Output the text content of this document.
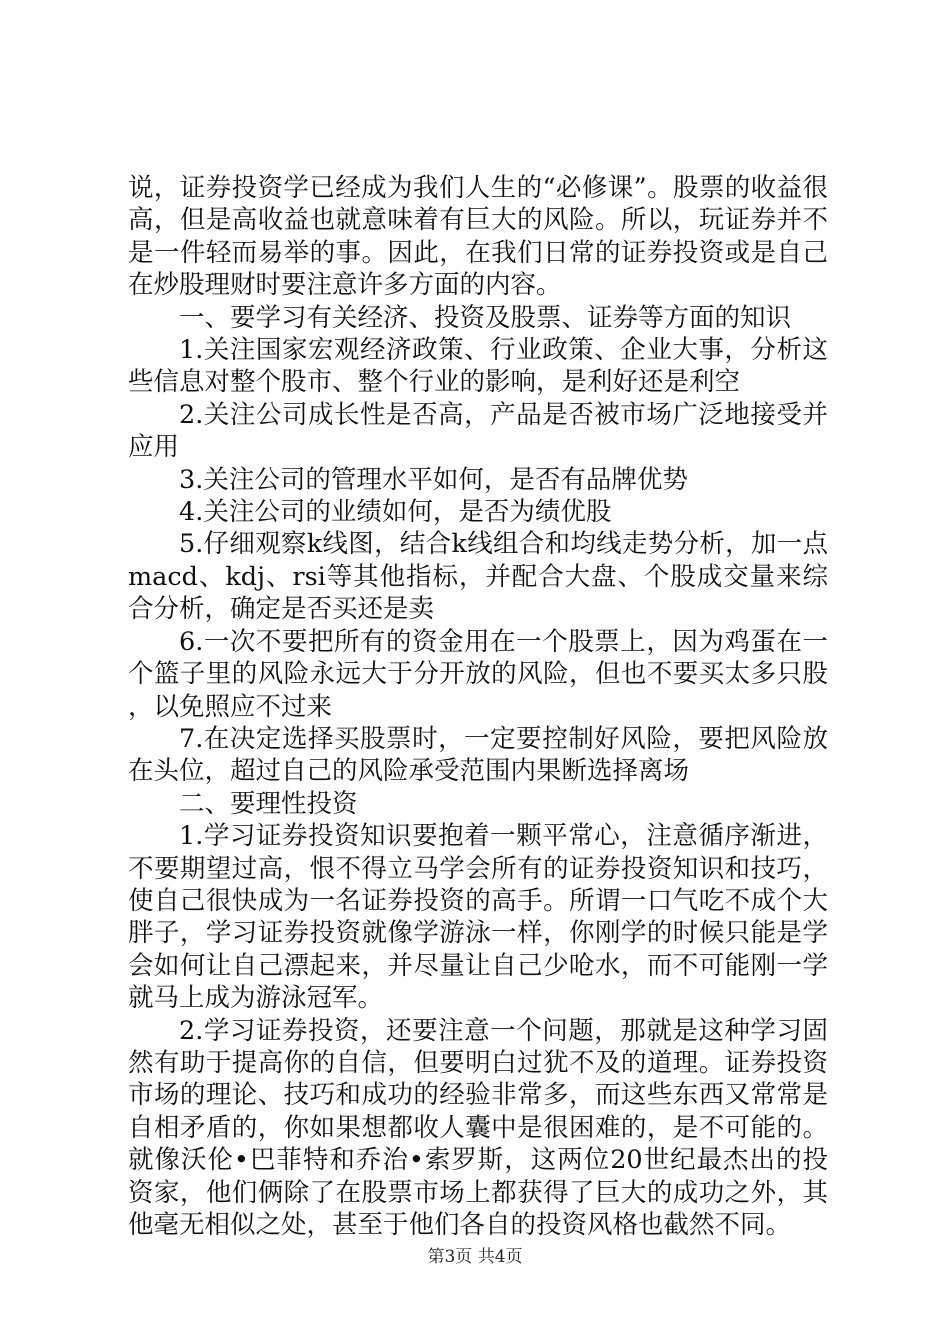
说，证券投资学已经成为我们人生的“必修课”。股票的收益很高，但是高收益也就意味着有巨大的风险。所以，玩证券并不是一件轻而易举的事。因此，在我们日常的证券投资或是自己在炒股理财时要注意许多方面的内容。

一、要学习有关经济、投资及股票、证券等方面的知识

1.关注国家宏观经济政策、行业政策、企业大事，分析这些信息对整个股市、整个行业的影响，是利好还是利空

2.关注公司成长性是否高，产品是否被市场广泛地接受并应用

3.关注公司的管理水平如何，是否有品牌优势

4.关注公司的业绩如何，是否为绩优股

5.仔细观察k线图，结合k线组合和均线走势分析，加一点macd、kdj、rsi等其他指标，并配合大盘、个股成交量来综合分析，确定是否买还是卖

6.一次不要把所有的资金用在一个股票上，因为鸡蛋在一个篮子里的风险永远大于分开放的风险，但也不要买太多只股，以免照应不过来

7.在决定选择买股票时，一定要控制好风险，要把风险放在头位，超过自己的风险承受范围内果断选择离场

二、要理性投资

1.学习证券投资知识要抱着一颗平常心，注意循序渐进，不要期望过高，恨不得立马学会所有的证券投资知识和技巧，使自己很快成为一名证券投资的高手。所谓一口气吃不成个大胖子，学习证券投资就像学游泳一样，你刚学的时候只能是学会如何让自己漂起来，并尽量让自己少呛水，而不可能刚一学就马上成为游泳冠军。

2.学习证券投资，还要注意一个问题，那就是这种学习固然有助于提高你的自信，但要明白过犹不及的道理。证券投资市场的理论、技巧和成功的经验非常多，而这些东西又常常是自相矛盾的，你如果想都收人囊中是很困难的，是不可能的。就像沃伦•巴菲特和乔治•索罗斯，这两位20世纪最杰出的投资家，他们俩除了在股票市场上都获得了巨大的成功之外，其他毫无相似之处，甚至于他们各自的投资风格也截然不同。

第3页 共4页
